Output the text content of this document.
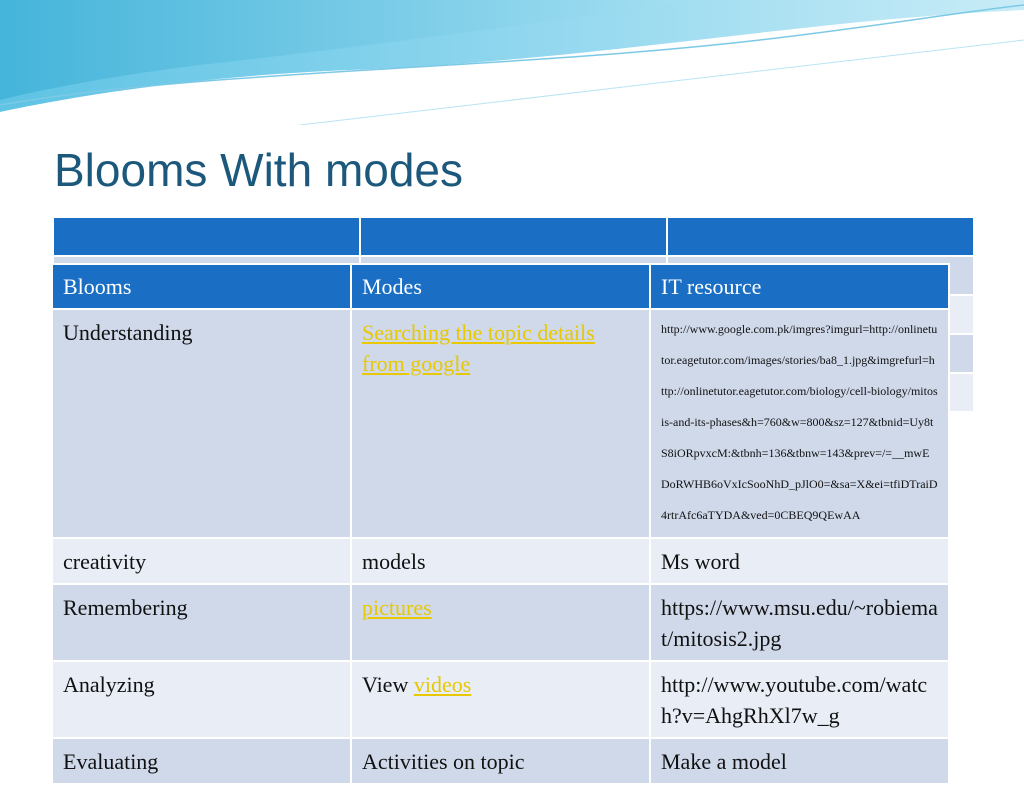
Blooms With modes

Blooms	Modes	IT resource
Understanding	Searching the topic details from google	http://www.google.com.pk/imgres?imgurl=http://onlinetutor.eagetutor.com/images/stories/ba8_1.jpg&imgrefurl=http://onlinetutor.eagetutor.com/biology/cell-biology/mitosis-and-its-phases&h=760&w=800&sz=127&tbnid=Uy8tS8iORpvxcM:&tbnh=136&tbnw=143&prev=/=__mwEDoRWHB6oVxIcSooNhD_pJlO0=&sa=X&ei=tfiDTraiD4rtrAfc6aTYDA&ved=0CBEQ9QEwAA
creativity	models	Ms word
Remembering	pictures	https://www.msu.edu/~robiemat/mitosis2.jpg
Analyzing	View videos	http://www.youtube.com/watch?v=AhgRhXl7w_g
Evaluating	Activities on topic	Make a model
